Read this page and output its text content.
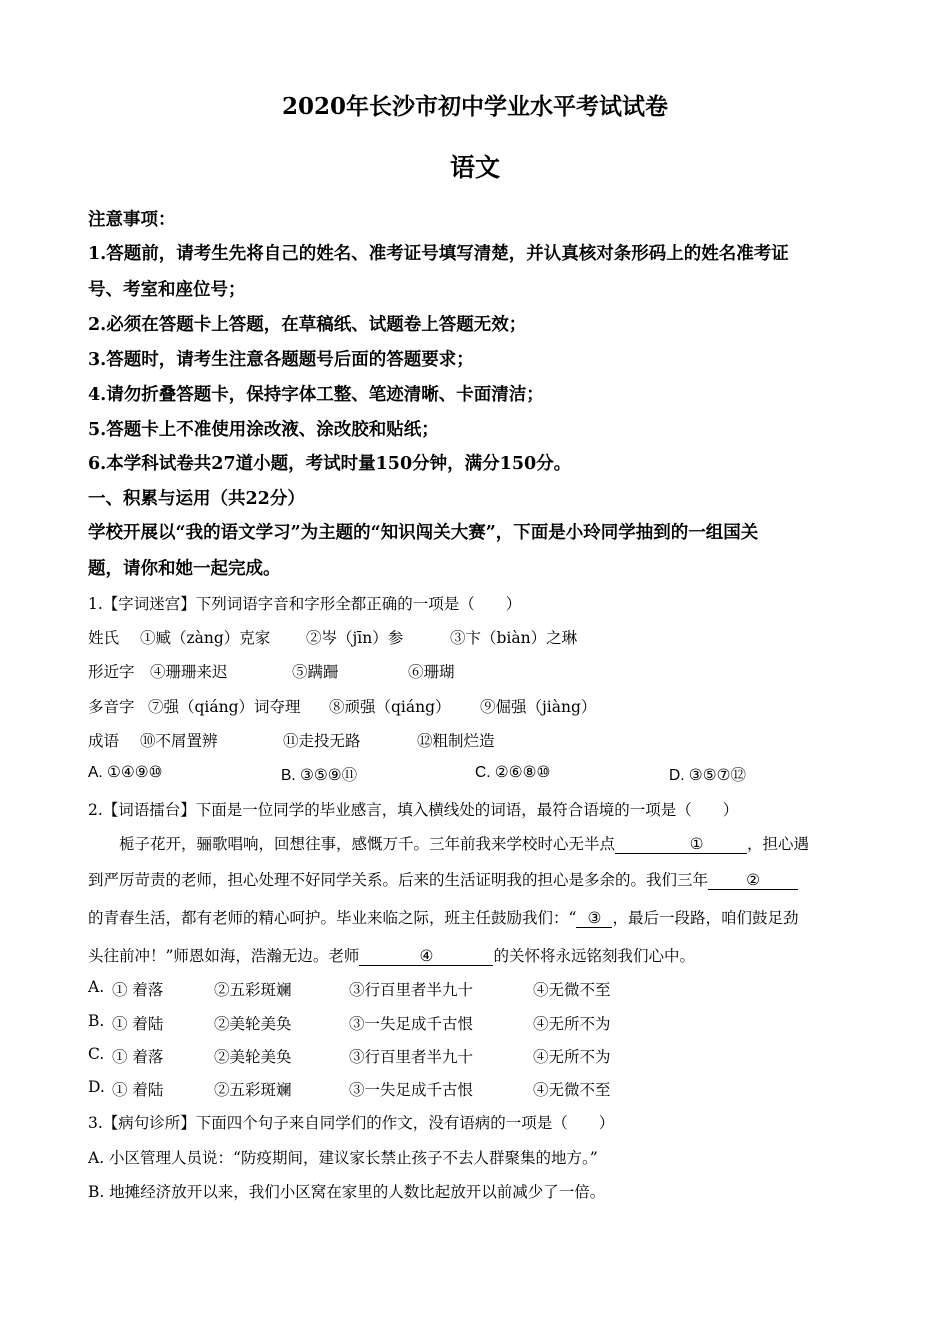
2020年长沙市初中学业水平考试试卷
语文
注意事项：
1.答题前，请考生先将自己的姓名、准考证号填写清楚，并认真核对条形码上的姓名准考证
号、考室和座位号；
2.必须在答题卡上答题，在草稿纸、试题卷上答题无效；
3.答题时，请考生注意各题题号后面的答题要求；
4.请勿折叠答题卡，保持字体工整、笔迹清晰、卡面清洁；
5.答题卡上不准使用涂改液、涂改胶和贴纸；
6.本学科试卷共27道小题，考试时量150分钟，满分150分。
一、积累与运用（共22分）
学校开展以“我的语文学习”为主题的“知识闯关大赛”，下面是小玲同学抽到的一组国关
题，请你和她一起完成。
1.【字词迷宫】下列词语字音和字形全都正确的一项是（　　）
姓氏 ①臧（zàng）克家 ②岑（jīn）参	③卞（biàn）之琳
形近字 ④珊珊来迟	⑤蹒跚	⑥珊瑚
多音字 ⑦强（qiáng）词夺理 ⑧顽强（qiáng） ⑨倔强（jiàng）
成语 ⑩不屑置辨	⑪走投无路	⑫粗制烂造
A. ①④⑨⑩	B. ③⑤⑨⑪	C. ②⑥⑧⑩	D. ③⑤⑦⑫
2.【词语擂台】下面是一位同学的毕业感言，填入横线处的词语，最符合语境的一项是（　　）
栀子花开，骊歌唱响，回想往事，感慨万千。三年前我来学校时心无半点	①	，担心遇
到严厉苛责的老师，担心处理不好同学关系。后来的生活证明我的担心是多余的。我们三年 ②
的青春生活，都有老师的精心呵护。毕业来临之际，班主任鼓励我们：“ ③ ，最后一段路，咱们鼓足劲
头往前冲！”师恩如海，浩瀚无边。老师	④	的关怀将永远铭刻我们心中。
A. ① 着落	②五彩斑斓	③行百里者半九十	④无微不至
B. ① 着陆	②美轮美奂	③一失足成千古恨	④无所不为
C. ① 着落	②美轮美奂	③行百里者半九十	④无所不为
D. ① 着陆	②五彩斑斓	③一失足成千古恨	④无微不至
3.【病句诊所】下面四个句子来自同学们的作文，没有语病的一项是（　　）
A. 小区管理人员说：“防疫期间，建议家长禁止孩子不去人群聚集的地方。”
B. 地摊经济放开以来，我们小区窝在家里的人数比起放开以前减少了一倍。
